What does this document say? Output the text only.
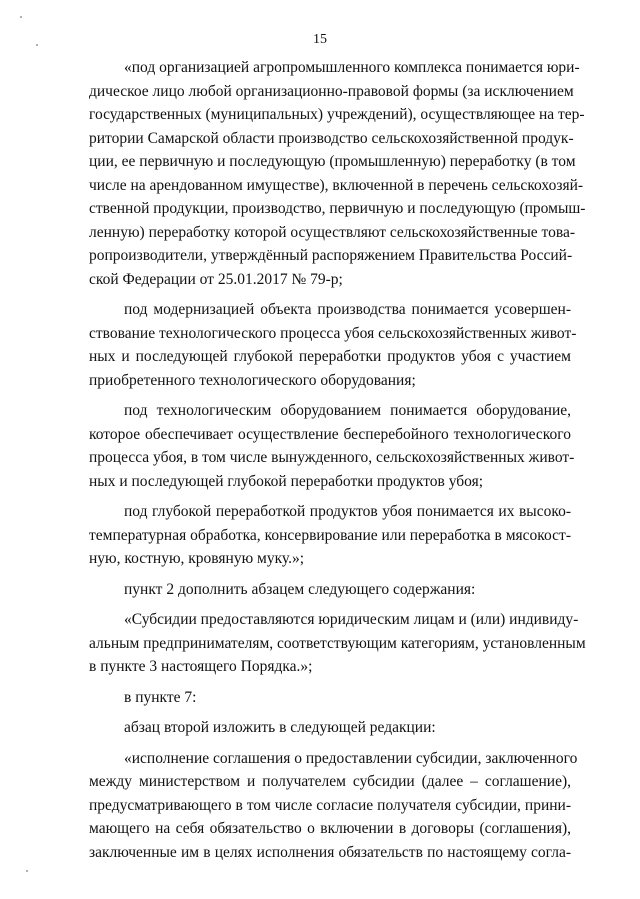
15
«под организацией агропромышленного комплекса понимается юри-
дическое лицо любой организационно-правовой формы (за исключением
государственных (муниципальных) учреждений), осуществляющее на тер-
ритории Самарской области производство сельскохозяйственной продук-
ции, ее первичную и последующую (промышленную) переработку (в том
числе на арендованном имуществе), включенной в перечень сельскохозяй-
ственной продукции, производство, первичную и последующую (промыш-
ленную) переработку которой осуществляют сельскохозяйственные това-
ропроизводители, утверждённый распоряжением Правительства Россий-
ской Федерации от 25.01.2017 № 79-р;
под модернизацией объекта производства понимается усовершен-
ствование технологического процесса убоя сельскохозяйственных живот-
ных и последующей глубокой переработки продуктов убоя с участием
приобретенного технологического оборудования;
под технологическим оборудованием понимается оборудование,
которое обеспечивает осуществление бесперебойного технологического
процесса убоя, в том числе вынужденного, сельскохозяйственных живот-
ных и последующей глубокой переработки продуктов убоя;
под глубокой переработкой продуктов убоя понимается их высоко-
температурная обработка, консервирование или переработка в мясокост-
ную, костную, кровяную муку.»;
пункт 2 дополнить абзацем следующего содержания:
«Субсидии предоставляются юридическим лицам и (или) индивиду-
альным предпринимателям, соответствующим категориям, установленным
в пункте 3 настоящего Порядка.»;
в пункте 7:
абзац второй изложить в следующей редакции:
«исполнение соглашения о предоставлении субсидии, заключенного
между министерством и получателем субсидии (далее – соглашение),
предусматривающего в том числе согласие получателя субсидии, прини-
мающего на себя обязательство о включении в договоры (соглашения),
заключенные им в целях исполнения обязательств по настоящему согла-
